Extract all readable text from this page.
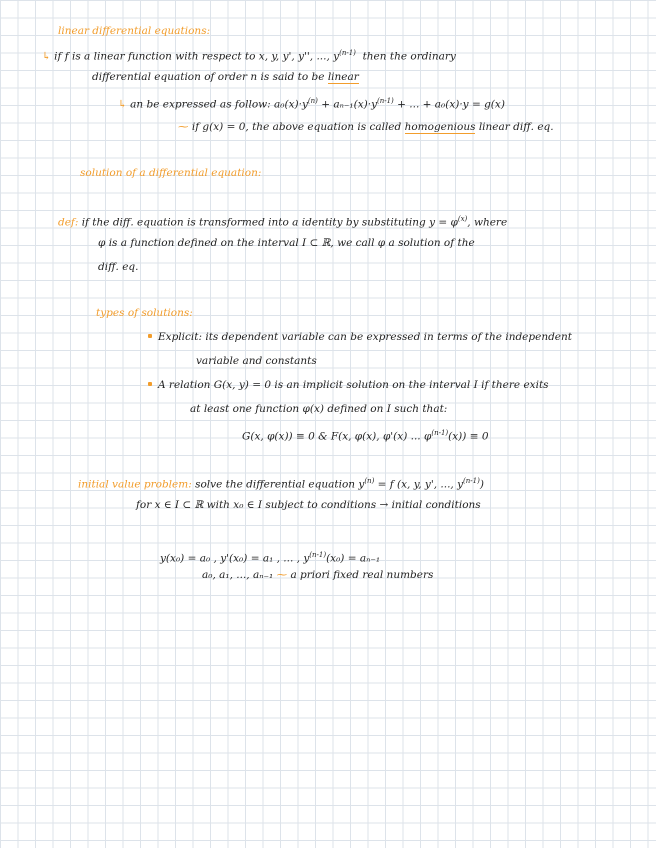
linear differential equations:
↳ if f is a linear function with respect to x, y, y', y'', ..., $y^{(n-1)}$ then the ordinary
differential equation of order n is said to be linear
↳ an be expressed as follow: $a_0(x)\cdot y^{(n)} + a_{n-1}(x)\cdot y^{(n-1)}$ + ... + a₀(x)·y = g(x)
⁓ if g(x) = 0, the above equation is called homogenious linear diff. eq.
solution of a differential equation:
def: if the diff. equation is transformed into a identity by substituting $y = \varphi^{(x)}$, where
φ is a function defined on the interval I ⊂ ℝ, we call φ a solution of the
diff. eq.
types of solutions:
Explicit: its dependent variable can be expressed in terms of the independent
variable and constants
A relation G(x, y) = 0 is an implicit solution on the interval I if there exits
at least one function φ(x) defined on I such that:
G(x, φ(x)) ≡ 0 & F(x, φ(x), φ'(x) ... $\varphi^{(n-1)}(x)) \equiv 0$
initial value problem: solve the differential equation $y^{(n)} = f$ (x, y, y', ..., $y^{(n-1)}$)
for x ∈ I ⊂ ℝ with x₀ ∈ I subject to conditions → initial conditions
y(x₀) = a₀ , y'(x₀) = a₁ , ... , $y^{(n-1)}(x_0) = a_{n-1}$
a₀, a₁, ..., aₙ₋₁ ⁓ a priori fixed real numbers
